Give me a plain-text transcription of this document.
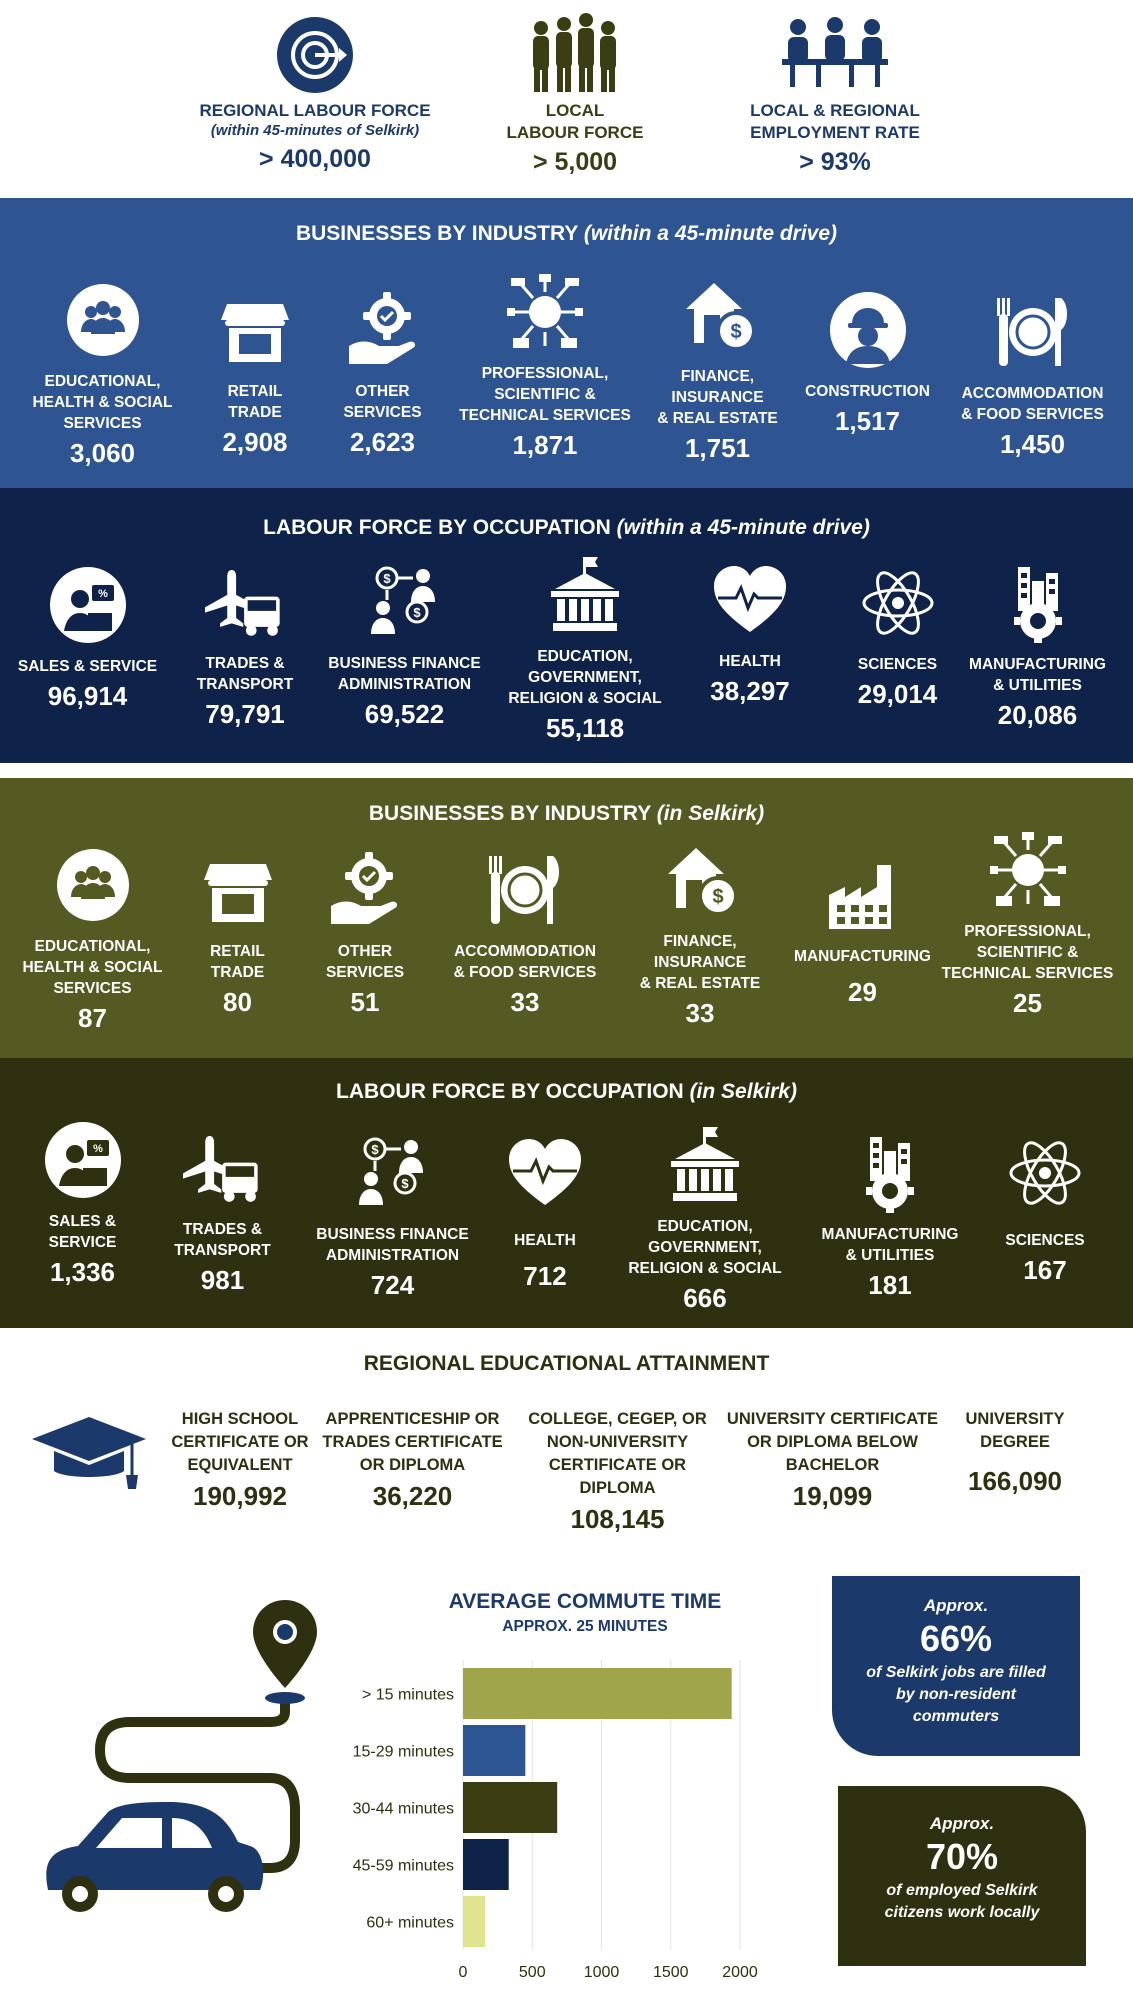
REGIONAL LABOUR FORCE
(within 45-minutes of Selkirk)
> 400,000
LOCAL
LABOUR FORCE
> 5,000
LOCAL & REGIONAL
EMPLOYMENT RATE
> 93%
BUSINESSES BY INDUSTRY (within a 45-minute drive)
EDUCATIONAL,
HEALTH & SOCIAL
SERVICES
3,060
RETAIL
TRADE
2,908
OTHER
SERVICES
2,623
PROFESSIONAL,
SCIENTIFIC &
TECHNICAL SERVICES
1,871
$
FINANCE,
INSURANCE
& REAL ESTATE
1,751
CONSTRUCTION
1,517
ACCOMMODATION
& FOOD SERVICES
1,450
LABOUR FORCE BY OCCUPATION (within a 45-minute drive)
%
SALES & SERVICE
96,914
TRADES &
TRANSPORT
79,791
$
$
BUSINESS FINANCE
ADMINISTRATION
69,522
EDUCATION,
GOVERNMENT,
RELIGION & SOCIAL
55,118
HEALTH
38,297
SCIENCES
29,014
MANUFACTURING
& UTILITIES
20,086
BUSINESSES BY INDUSTRY (in Selkirk)
EDUCATIONAL,
HEALTH & SOCIAL
SERVICES
87
RETAIL
TRADE
80
OTHER
SERVICES
51
ACCOMMODATION
& FOOD SERVICES
33
$
FINANCE,
INSURANCE
& REAL ESTATE
33
MANUFACTURING
29
PROFESSIONAL,
SCIENTIFIC &
TECHNICAL SERVICES
25
LABOUR FORCE BY OCCUPATION (in Selkirk)
%
SALES &
SERVICE
1,336
TRADES &
TRANSPORT
981
$
$
BUSINESS FINANCE
ADMINISTRATION
724
HEALTH
712
EDUCATION,
GOVERNMENT,
RELIGION & SOCIAL
666
MANUFACTURING
& UTILITIES
181
SCIENCES
167
REGIONAL EDUCATIONAL ATTAINMENT
HIGH SCHOOL
CERTIFICATE OR
EQUIVALENT
190,992
APPRENTICESHIP OR
TRADES CERTIFICATE
OR DIPLOMA
36,220
COLLEGE, CEGEP, OR
NON-UNIVERSITY
CERTIFICATE OR
DIPLOMA
108,145
UNIVERSITY CERTIFICATE
OR DIPLOMA BELOW
BACHELOR
19,099
UNIVERSITY
DEGREE
166,090
AVERAGE COMMUTE TIME
APPROX. 25 MINUTES
> 15 minutes
15-29 minutes
30-44 minutes
45-59 minutes
60+ minutes
0	500 1000 1500 2000
Approx.
66%
of Selkirk jobs are filled
by non-resident
commuters
Approx.
70%
of employed Selkirk
citizens work locally
